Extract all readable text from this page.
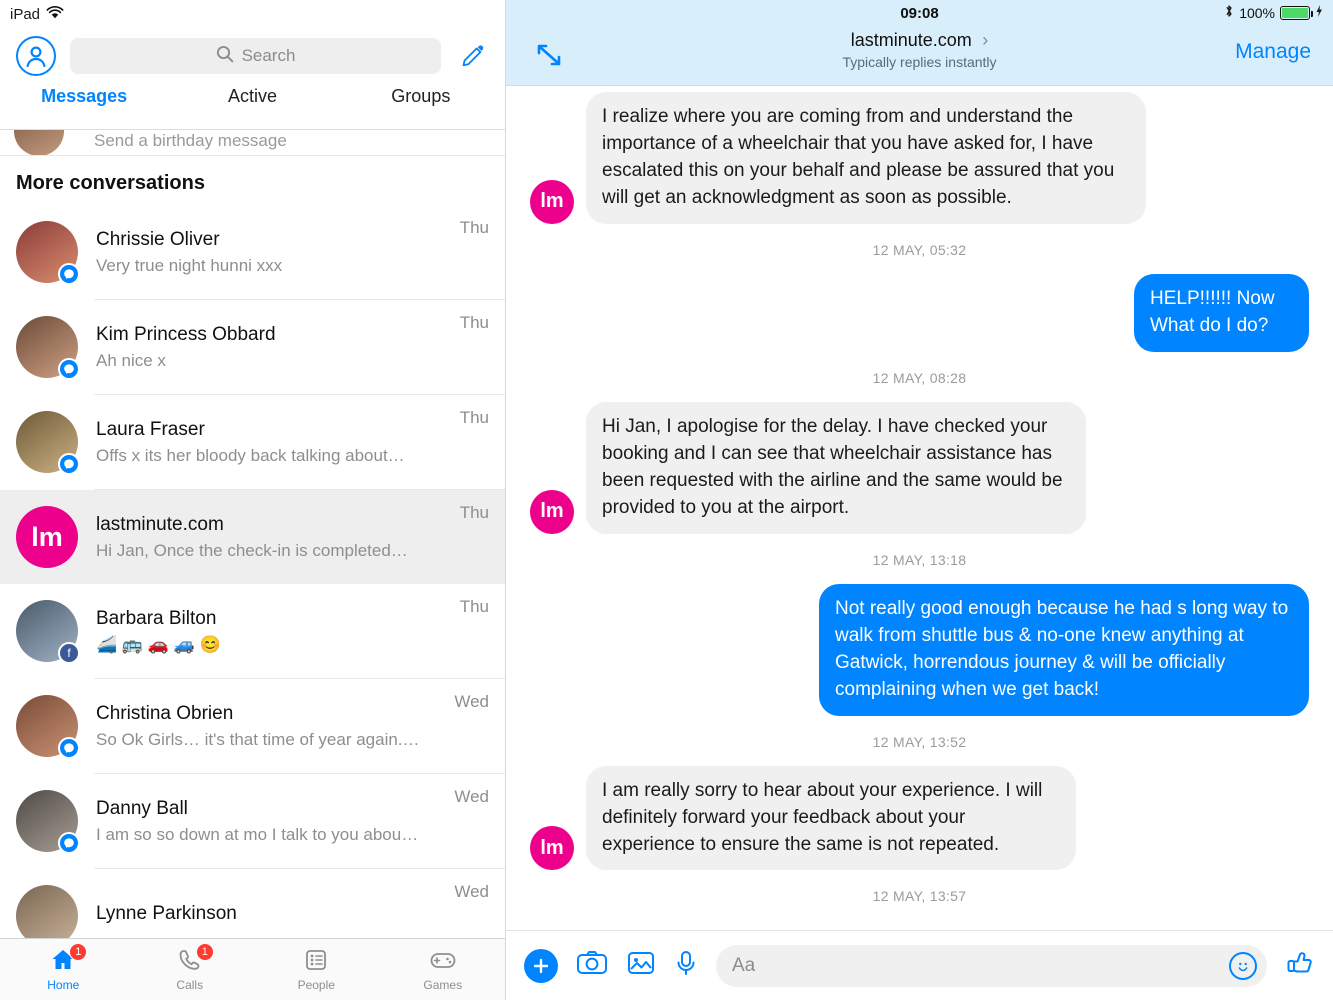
iPad
Search
Messages	Active	Groups
Send a birthday message
More conversations
Chrissie Oliver
Very true night hunni xxx
Thu
Kim Princess Obbard
Ah nice x
Thu
Laura Fraser
Offs x its her bloody back talking about…
Thu
lm	lastminute.com
Hi Jan, Once the check-in is completed…
Thu
f
Barbara Bilton
🚄 🚌 🚗 🚙 😊
Thu
Christina Obrien
So Ok Girls… it's that time of year again.…
Wed
Danny Ball
I am so so down at mo I talk to you abou…
Wed
Lynne Parkinson
Wed
1
Home
1
Calls	People	Games
09:08	100%
lastminute.com ›
Typically replies instantly	Manage
lm
I realize where you are coming from and understand the importance of a wheelchair that you have asked for, I have escalated this on your behalf and please be assured that you will get an acknowledgment as soon as possible.
12 MAY, 05:32
HELP!!!!!! Now What do I do?
12 MAY, 08:28
lm
Hi Jan, I apologise for the delay. I have checked your booking and I can see that wheelchair assistance has been requested with the airline and the same would be provided to you at the airport.
12 MAY, 13:18
Not really good enough because he had s long way to walk from shuttle bus & no-one knew anything at Gatwick, horrendous journey & will be officially complaining when we get back!
12 MAY, 13:52
lm
I am really sorry to hear about your experience. I will definitely forward your feedback about your experience to ensure the same is not repeated.
12 MAY, 13:57
Aa
